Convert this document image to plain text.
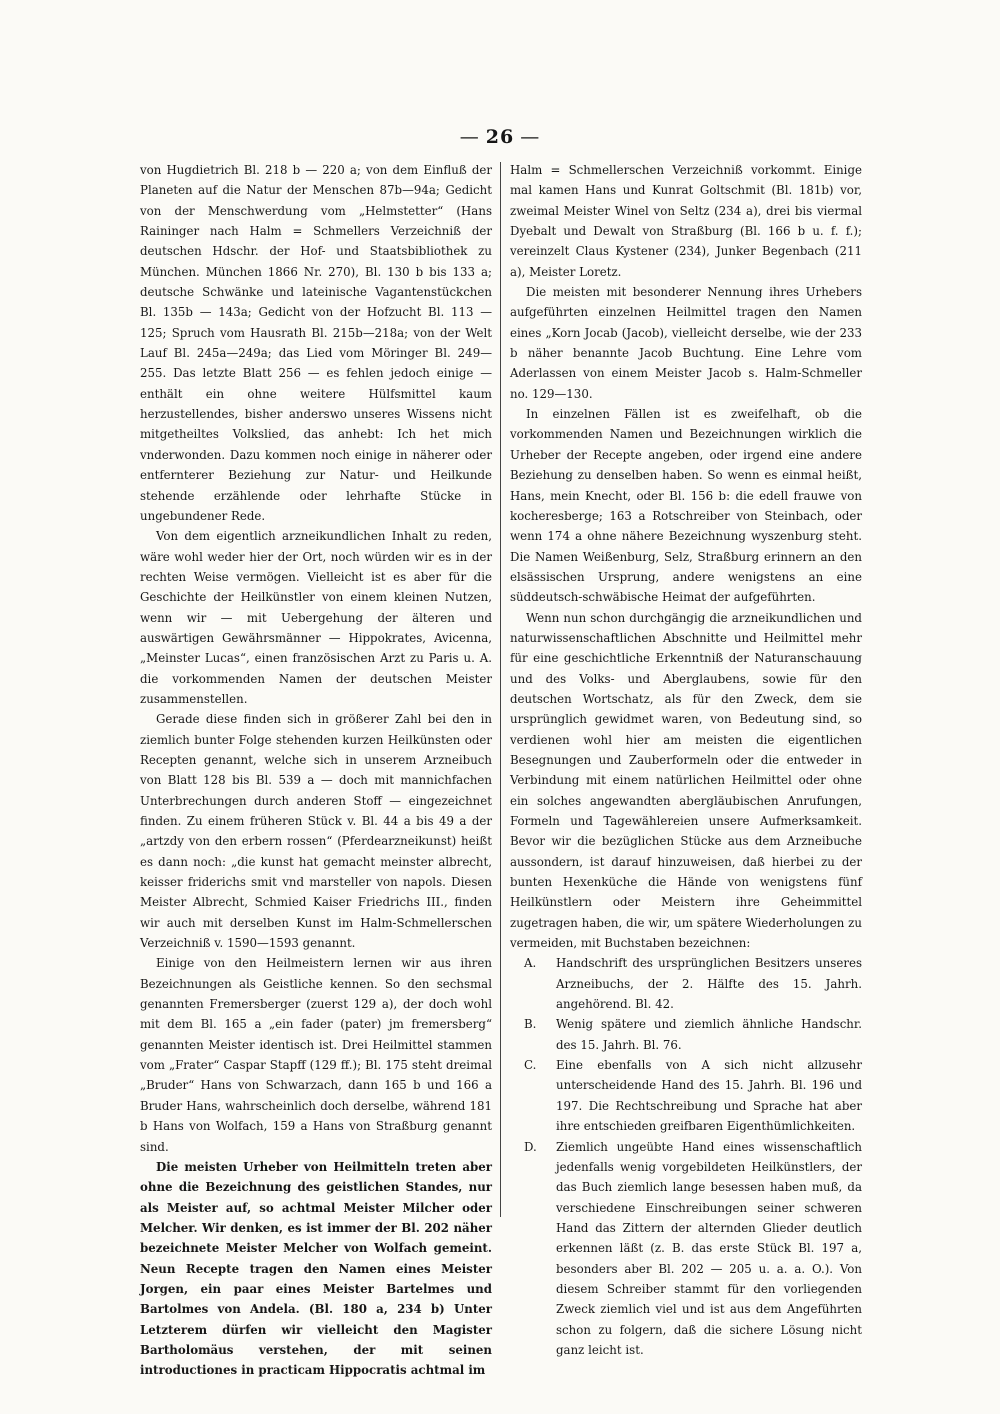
— 26 —

von Hugdietrich Bl. 218 b — 220 a; von dem Einfluß der Planeten auf die Natur der Menschen 87b—94a; Gedicht von der Menschwerdung vom „Helmstetter“ (Hans Raininger nach Halm = Schmellers Verzeichniß der deutschen Hdschr. der Hof- und Staatsbibliothek zu München. München 1866 Nr. 270), Bl. 130 b bis 133 a; deutsche Schwänke und lateinische Vagantenstückchen Bl. 135b — 143a; Gedicht von der Hofzucht Bl. 113 — 125; Spruch vom Hausrath Bl. 215b—218a; von der Welt Lauf Bl. 245a—249a; das Lied vom Möringer Bl. 249—255. Das letzte Blatt 256 — es fehlen jedoch einige — enthält ein ohne weitere Hülfsmittel kaum herzustellendes, bisher anderswo unseres Wissens nicht mitgetheiltes Volkslied, das anhebt: Ich het mich vnderwonden. Dazu kommen noch einige in näherer oder entfernterer Beziehung zur Natur- und Heilkunde stehende erzählende oder lehrhafte Stücke in ungebundener Rede.

Von dem eigentlich arzneikundlichen Inhalt zu reden, wäre wohl weder hier der Ort, noch würden wir es in der rechten Weise vermögen. Vielleicht ist es aber für die Geschichte der Heilkünstler von einem kleinen Nutzen, wenn wir — mit Uebergehung der älteren und auswärtigen Gewährsmänner — Hippokrates, Avicenna, „Meinster Lucas“, einen französischen Arzt zu Paris u. A. die vorkommenden Namen der deutschen Meister zusammenstellen.

Gerade diese finden sich in größerer Zahl bei den in ziemlich bunter Folge stehenden kurzen Heilkünsten oder Recepten genannt, welche sich in unserem Arzneibuch von Blatt 128 bis Bl. 539 a — doch mit mannichfachen Unterbrechungen durch anderen Stoff — eingezeichnet finden. Zu einem früheren Stück v. Bl. 44 a bis 49 a der „artzdy von den erbern rossen“ (Pferdearzneikunst) heißt es dann noch: „die kunst hat gemacht meinster albrecht, keisser friderichs smit vnd marsteller von napols. Diesen Meister Albrecht, Schmied Kaiser Friedrichs III., finden wir auch mit derselben Kunst im Halm-Schmellerschen Verzeichniß v. 1590—1593 genannt.

Einige von den Heilmeistern lernen wir aus ihren Bezeichnungen als Geistliche kennen. So den sechsmal genannten Fremersberger (zuerst 129 a), der doch wohl mit dem Bl. 165 a „ein fader (pater) jm fremersberg“ genannten Meister identisch ist. Drei Heilmittel stammen vom „Frater“ Caspar Stapff (129 ff.); Bl. 175 steht dreimal „Bruder“ Hans von Schwarzach, dann 165 b und 166 a Bruder Hans, wahrscheinlich doch derselbe, während 181 b Hans von Wolfach, 159 a Hans von Straßburg genannt sind.

Die meisten Urheber von Heilmitteln treten aber ohne die Bezeichnung des geistlichen Standes, nur als Meister auf, so achtmal Meister Milcher oder Melcher. Wir denken, es ist immer der Bl. 202 näher bezeichnete Meister Melcher von Wolfach gemeint. Neun Recepte tragen den Namen eines Meister Jorgen, ein paar eines Meister Bartelmes und Bartolmes von Andela. (Bl. 180 a, 234 b) Unter Letzterem dürfen wir vielleicht den Magister Bartholomäus verstehen, der mit seinen introductiones in practicam Hippocratis achtmal im

Halm = Schmellerschen Verzeichniß vorkommt. Einige mal kamen Hans und Kunrat Goltschmit (Bl. 181b) vor, zweimal Meister Winel von Seltz (234 a), drei bis viermal Dyebalt und Dewalt von Straßburg (Bl. 166 b u. f. f.); vereinzelt Claus Kystener (234), Junker Begenbach (211 a), Meister Loretz.

Die meisten mit besonderer Nennung ihres Urhebers aufgeführten einzelnen Heilmittel tragen den Namen eines „Korn Jocab (Jacob), vielleicht derselbe, wie der 233 b näher benannte Jacob Buchtung. Eine Lehre vom Aderlassen von einem Meister Jacob s. Halm-Schmeller no. 129—130.

In einzelnen Fällen ist es zweifelhaft, ob die vorkommenden Namen und Bezeichnungen wirklich die Urheber der Recepte angeben, oder irgend eine andere Beziehung zu denselben haben. So wenn es einmal heißt, Hans, mein Knecht, oder Bl. 156 b: die edell frauwe von kocheresberge; 163 a Rotschreiber von Steinbach, oder wenn 174 a ohne nähere Bezeichnung wyszenburg steht. Die Namen Weißenburg, Selz, Straßburg erinnern an den elsässischen Ursprung, andere wenigstens an eine süddeutsch-schwäbische Heimat der aufgeführten.

Wenn nun schon durchgängig die arzneikundlichen und naturwissenschaftlichen Abschnitte und Heilmittel mehr für eine geschichtliche Erkenntniß der Naturanschauung und des Volks- und Aberglaubens, sowie für den deutschen Wortschatz, als für den Zweck, dem sie ursprünglich gewidmet waren, von Bedeutung sind, so verdienen wohl hier am meisten die eigentlichen Besegnungen und Zauberformeln oder die entweder in Verbindung mit einem natürlichen Heilmittel oder ohne ein solches angewandten abergläubischen Anrufungen, Formeln und Tagewählereien unsere Aufmerksamkeit. Bevor wir die bezüglichen Stücke aus dem Arzneibuche aussondern, ist darauf hinzuweisen, daß hierbei zu der bunten Hexenküche die Hände von wenigstens fünf Heilkünstlern oder Meistern ihre Geheimmittel zugetragen haben, die wir, um spätere Wiederholungen zu vermeiden, mit Buchstaben bezeichnen:

A. Handschrift des ursprünglichen Besitzers unseres Arzneibuchs, der 2. Hälfte des 15. Jahrh. angehörend. Bl. 42.
B. Wenig spätere und ziemlich ähnliche Handschr. des 15. Jahrh. Bl. 76.
C. Eine ebenfalls von A sich nicht allzusehr unterscheidende Hand des 15. Jahrh. Bl. 196 und 197. Die Rechtschreibung und Sprache hat aber ihre entschieden greifbaren Eigenthümlichkeiten.
D. Ziemlich ungeübte Hand eines wissenschaftlich jedenfalls wenig vorgebildeten Heilkünstlers, der das Buch ziemlich lange besessen haben muß, da verschiedene Einschreibungen seiner schweren Hand das Zittern der alternden Glieder deutlich erkennen läßt (z. B. das erste Stück Bl. 197 a, besonders aber Bl. 202 — 205 u. a. a. O.). Von diesem Schreiber stammt für den vorliegenden Zweck ziemlich viel und ist aus dem Angeführten schon zu folgern, daß die sichere Lösung nicht ganz leicht ist.
